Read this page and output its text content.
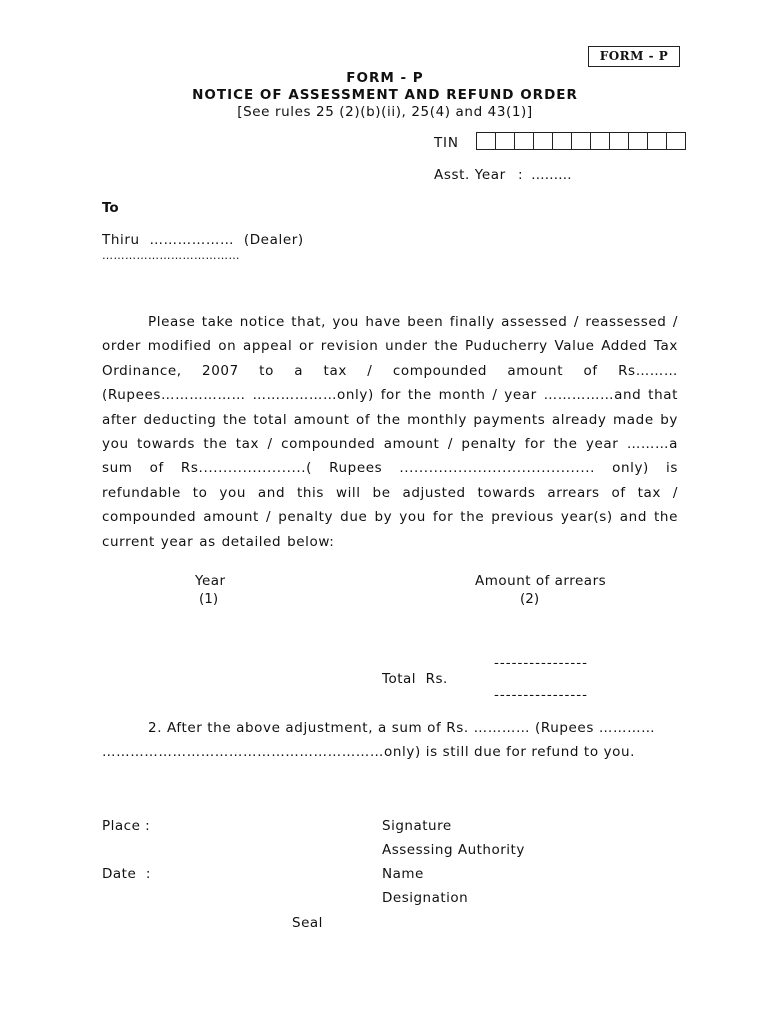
FORM - P
FORM - P
NOTICE OF ASSESSMENT AND REFUND ORDER
[See rules 25 (2)(b)(ii), 25(4) and 43(1)]
TIN
Asst. Year :  ………
To
Thiru  ………………  (Dealer)
………………………………
Please take notice that, you have been finally assessed / reassessed /
order modified on appeal or revision under the Puducherry Value Added Tax
Ordinance, 2007 to a tax / compounded amount of Rs………
(Rupees……………… ………………only) for the month / year ……………and that
after deducting the total amount of the monthly payments already made by
you towards the tax / compounded amount / penalty for the year ………a
sum of Rs......................( Rupees ........................................ only) is
refundable to you and this will be adjusted towards arrears of tax /
compounded amount / penalty due by you for the previous year(s) and the
current year as detailed below:
Year
(1)
Amount of arrears
(2)
----------------
Total  Rs.
----------------
2. After the above adjustment, a sum of Rs. ………… (Rupees …………
……………………………………………………only) is still due for refund to you.
Place :
Date  :
Signature
Assessing Authority
Name
Designation
Seal
